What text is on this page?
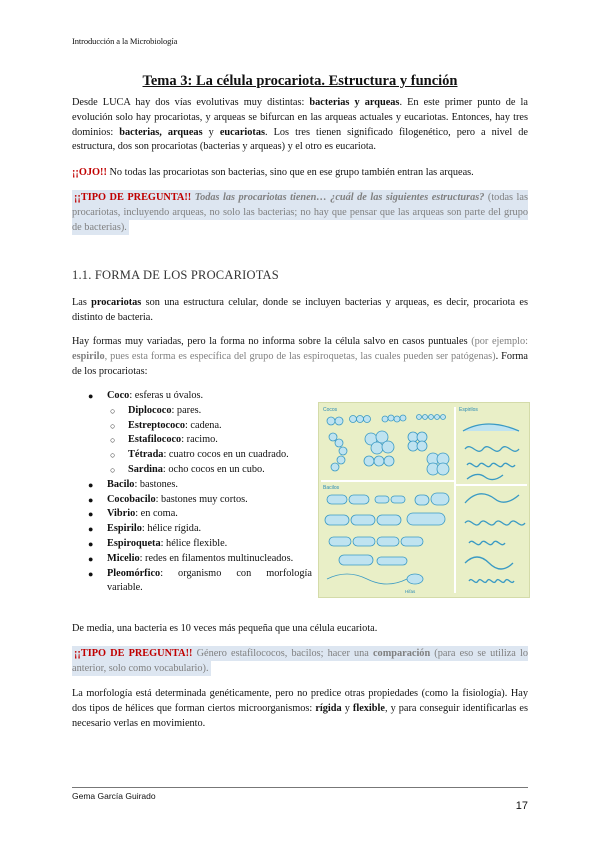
Introducción a la Microbiología
Tema 3: La célula procariota. Estructura y función
Desde LUCA hay dos vías evolutivas muy distintas: bacterias y arqueas. En este primer punto de la evolución solo hay procariotas, y arqueas se bifurcan en las arqueas actuales y eucariotas. Entonces, hay tres dominios: bacterias, arqueas y eucariotas. Los tres tienen significado filogenético, pero a nivel de estructura, dos son procariotas (bacterias y arqueas) y el otro es eucariota.
¡¡OJO!! No todas las procariotas son bacterias, sino que en ese grupo también entran las arqueas.
¡¡TIPO DE PREGUNTA!! Todas las procariotas tienen… ¿cuál de las siguientes estructuras? (todas las procariotas, incluyendo arqueas, no solo las bacterias; no hay que pensar que las arqueas son parte del grupo de bacterias).
1.1. FORMA DE LOS PROCARIOTAS
Las procariotas son una estructura celular, donde se incluyen bacterias y arqueas, es decir, procariota es distinto de bacteria.
Hay formas muy variadas, pero la forma no informa sobre la célula salvo en casos puntuales (por ejemplo: espirilo, pues esta forma es específica del grupo de las espiroquetas, las cuales pueden ser patógenas). Forma de los procariotas:
● Coco: esferas u óvalos.
○ Diplococo: pares.
○ Estreptococo: cadena.
○ Estafilococo: racimo.
○ Tétrada: cuatro cocos en un cuadrado.
○ Sardina: ocho cocos en un cubo.
● Bacilo: bastones.
● Cocobacilo: bastones muy cortos.
● Vibrio: en coma.
● Espirilo: hélice rígida.
● Espiroqueta: hélice flexible.
● Micelio: redes en filamentos multinucleados.
● Pleomórfico: organismo con morfología variable.
Cocos
Bacilos
Espirilos
Hifas
De media, una bacteria es 10 veces más pequeña que una célula eucariota.
¡¡TIPO DE PREGUNTA!! Género estafilococos, bacilos; hacer una comparación (para eso se utiliza lo anterior, solo como vocabulario).
La morfología está determinada genéticamente, pero no predice otras propiedades (como la fisiología). Hay dos tipos de hélices que forman ciertos microorganismos: rígida y flexible, y para conseguir identificarlas es necesario verlas en movimiento.
Gema García Guirado
17
